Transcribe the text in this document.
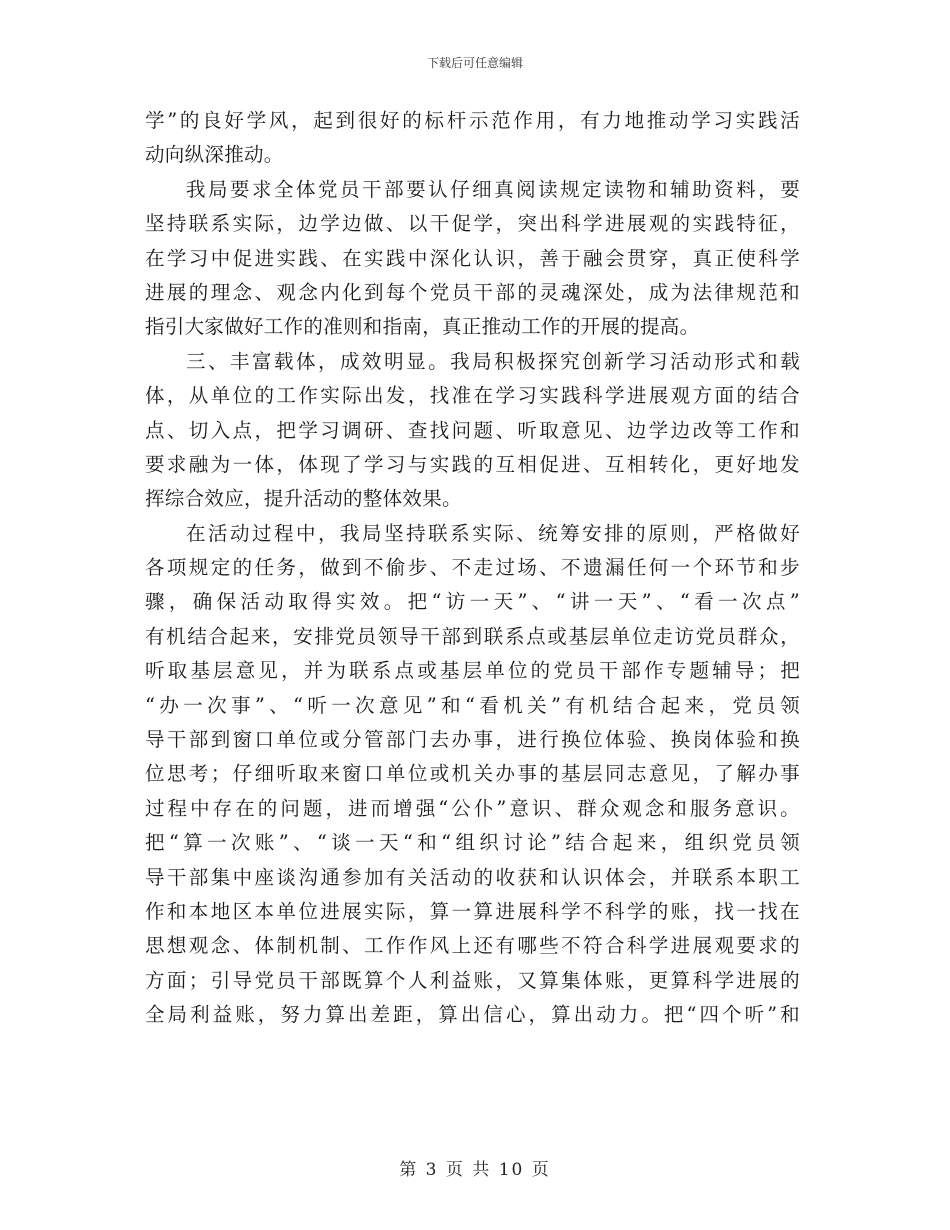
下载后可任意编辑
学”的良好学风，起到很好的标杆示范作用，有力地推动学习实践活
动向纵深推动。
我局要求全体党员干部要认仔细真阅读规定读物和辅助资料，要
坚持联系实际，边学边做、以干促学，突出科学进展观的实践特征，
在学习中促进实践、在实践中深化认识，善于融会贯穿，真正使科学
进展的理念、观念内化到每个党员干部的灵魂深处，成为法律规范和
指引大家做好工作的准则和指南，真正推动工作的开展的提高。
三、丰富载体，成效明显。我局积极探究创新学习活动形式和载
体，从单位的工作实际出发，找准在学习实践科学进展观方面的结合
点、切入点，把学习调研、查找问题、听取意见、边学边改等工作和
要求融为一体，体现了学习与实践的互相促进、互相转化，更好地发
挥综合效应，提升活动的整体效果。
在活动过程中，我局坚持联系实际、统筹安排的原则，严格做好
各项规定的任务，做到不偷步、不走过场、不遗漏任何一个环节和步
骤，确保活动取得实效。把“访一天”、“讲一天”、“看一次点”
有机结合起来，安排党员领导干部到联系点或基层单位走访党员群众，
听取基层意见，并为联系点或基层单位的党员干部作专题辅导；把
“办一次事”、“听一次意见”和“看机关”有机结合起来，党员领
导干部到窗口单位或分管部门去办事，进行换位体验、换岗体验和换
位思考；仔细听取来窗口单位或机关办事的基层同志意见，了解办事
过程中存在的问题，进而增强“公仆”意识、群众观念和服务意识。
把“算一次账”、“谈一天“和“组织讨论”结合起来，组织党员领
导干部集中座谈沟通参加有关活动的收获和认识体会，并联系本职工
作和本地区本单位进展实际，算一算进展科学不科学的账，找一找在
思想观念、体制机制、工作作风上还有哪些不符合科学进展观要求的
方面；引导党员干部既算个人利益账，又算集体账，更算科学进展的
全局利益账，努力算出差距，算出信心，算出动力。把“四个听”和
第 3 页 共 10 页
